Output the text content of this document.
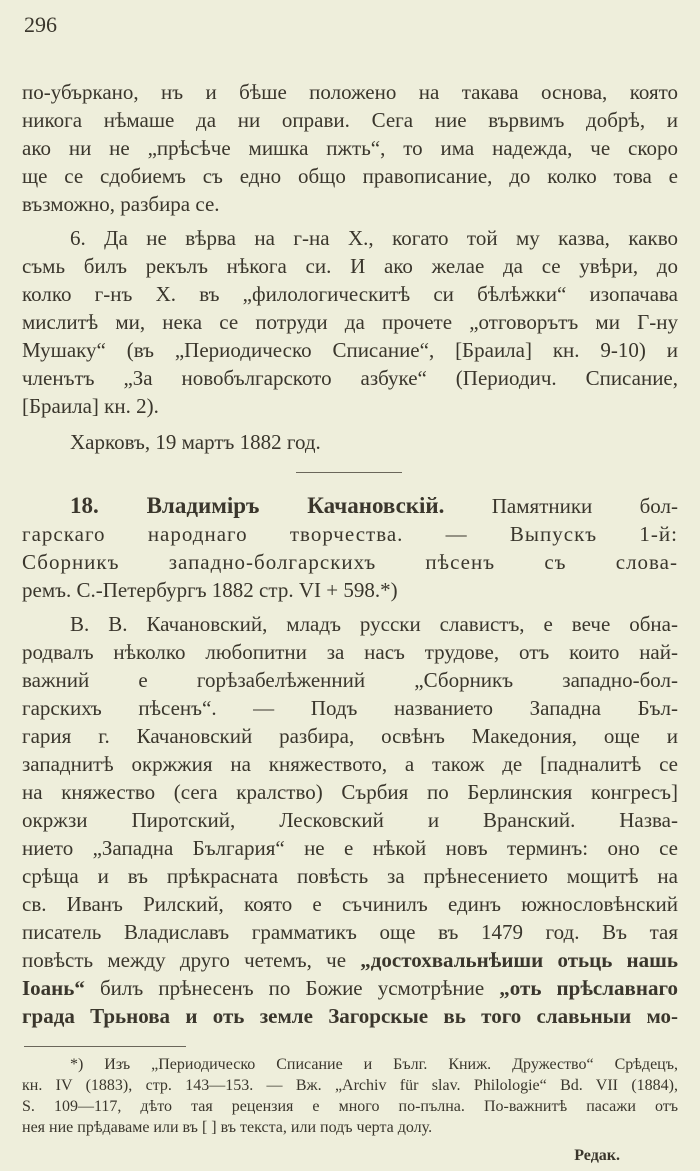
296
по-убъркано, нъ и бѣше положено на такава основа, която
никога нѣмаше да ни оправи. Сега ние вървимъ добрѣ, и
ако ни не „прѣсѣче мишка пжть“, то има надежда, че скоро
ще се сдобиемъ съ едно общо правописание, до колко това е
възможно, разбира се.
6. Да не вѣрва на г-на Х., когато той му казва, какво
съмь билъ рекълъ нѣкога си. И ако желае да се увѣри, до
колко г-нъ Х. въ „филологическитѣ си бѣлѣжки“ изопачава
мислитѣ ми, нека се потруди да прочете „отговорътъ ми Г-ну
Мушаку“ (въ „Периодическо Списание“, [Браила] кн. 9-10) и
членътъ „За новобългарското азбуке“ (Периодич. Списание,
[Браила] кн. 2).
Харковъ, 19 мартъ 1882 год.
18. Владимiръ Качановскiй. Памятники бол-
гарскаго народнаго творчества. — Выпускъ 1-й:
Сборникъ западно-болгарскихъ пѣсенъ съ слова-
ремъ. С.-Петербургъ 1882 стр. VI + 598.*)
В. В. Качановский, младъ русски славистъ, е вече обна-
родвалъ нѣколко любопитни за насъ трудове, отъ които най-
важний е горѣзабелѣженний „Сборникъ западно-бол-
гарскихъ пѣсенъ“. — Подъ названието Западна Бъл-
гария г. Качановский разбира, освѣнъ Македония, още и
западнитѣ окржжия на княжеството, а також де [падналитѣ се
на княжество (сега кралство) Сърбия по Берлинския конгресъ]
окржзи Пиротский, Лесковский и Вранский. Назва-
нието „Западна България“ не е нѣкой новъ терминъ: оно се
срѣща и въ прѣкрасната повѣсть за прѣнесението мощитѣ на
св. Иванъ Рилский, която е съчинилъ единъ южнословѣнский
писатель Владиславъ грамматикъ още въ 1479 год. Въ тая
повѣсть между друго четемъ, че „достохвальнѣиши отьць нашь
Iоань“ билъ прѣнесенъ по Божие усмотрѣние „оть прѣславнаго
града Трьнова и оть земле Загорскые вь того славьныи мо-
*) Изъ „Периодическо Списание и Бълг. Книж. Дружество“ Срѣдецъ,
кн. IV (1883), стр. 143—153. — Вж. „Archiv für slav. Philologie“ Bd. VII (1884),
S. 109—117, дѣто тая рецензия е много по-пълна. По-важнитѣ пасажи отъ
нея ние прѣдаваме или въ [ ] въ текста, или подъ черта долу.
Редак.
